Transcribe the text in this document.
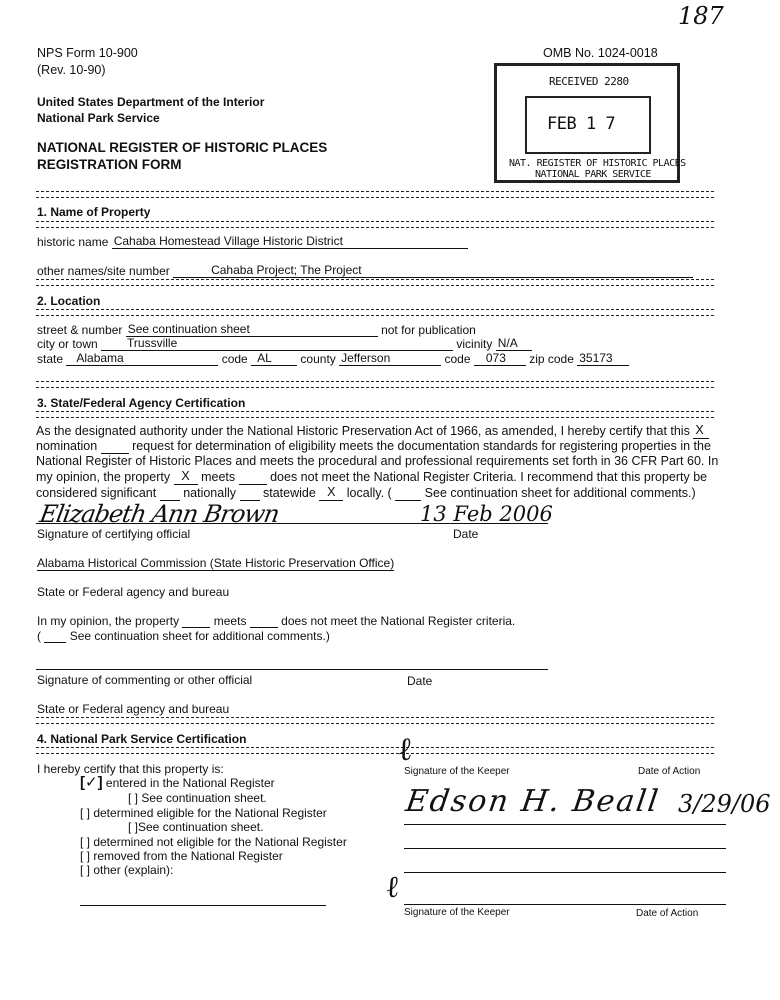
187
NPS Form 10-900
(Rev. 10-90)
OMB No. 1024-0018
United States Department of the Interior
National Park Service
NATIONAL REGISTER OF HISTORIC PLACES
REGISTRATION FORM
RECEIVED 2280
FEB 1 7
NAT. REGISTER OF HISTORIC PLACES
NATIONAL PARK SERVICE
1. Name of Property
historic name Cahaba Homestead Village Historic District
other names/site number	Cahaba Project; The Project
2. Location
street & number See continuation sheet	not for publication
city or town Trussville	vicinity N/A
state Alabama	code AL county Jefferson	code 073 zip code 35173
3. State/Federal Agency Certification
As the designated authority under the National Historic Preservation Act of 1966, as amended, I hereby certify that this X nomination	request for determination of eligibility meets the documentation standards for registering properties in the National Register of Historic Places and meets the procedural and professional requirements set forth in 36 CFR Part 60. In my opinion, the property X meets	does not meet the National Register Criteria. I recommend that this property be considered significant nationally statewide X locally. (	See continuation sheet for additional comments.)
Elizabeth Ann Brown	13 Feb 2006
Signature of certifying official	Date
Alabama Historical Commission (State Historic Preservation Office)
State or Federal agency and bureau
In my opinion, the property	meets	does not meet the National Register criteria.
( See continuation sheet for additional comments.)
Signature of commenting or other official	Date
State or Federal agency and bureau
4. National Park Service Certification
I hereby certify that this property is:
[✓] entered in the National Register
[ ] See continuation sheet.
[ ] determined eligible for the National Register
[ ]See continuation sheet.
[ ] determined not eligible for the National Register
[ ] removed from the National Register
[ ] other (explain):
ℓ
Signature of the Keeper	Date of Action
Edson H. Beall 3/29/06
ℓ
Signature of the Keeper	Date of Action
